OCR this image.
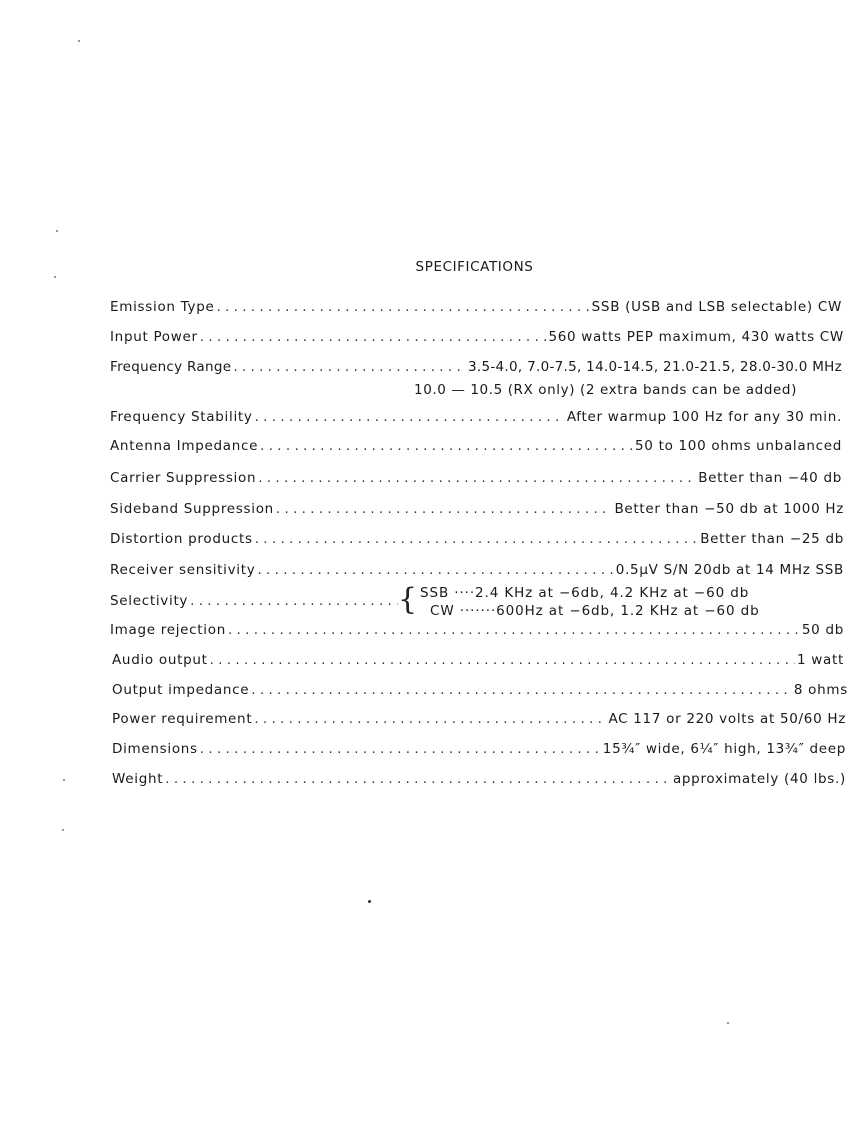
SPECIFICATIONS
Emission Type . . .	SSB (USB and LSB selectable) CW
Input Power . . .	560 watts PEP maximum, 430 watts CW
Frequency Range . . .	3.5-4.0, 7.0-7.5, 14.0-14.5, 21.0-21.5, 28.0-30.0 MHz
10.0 — 10.5 (RX only) (2 extra bands can be added)
Frequency Stability . . .	After warmup 100 Hz for any 30 min.
Antenna Impedance . . .	50 to 100 ohms unbalanced
Carrier Suppression . . .	Better than −40 db
Sideband Suppression . . .	Better than −50 db at 1000 Hz
Distortion products . . .	Better than −25 db
Receiver sensitivity . . .	0.5μV S/N 20db at 14 MHz SSB
Selectivity . . .	{ SSB ····2.4 KHz at −6db, 4.2 KHz at −60 db
CW ·······600Hz at −6db, 1.2 KHz at −60 db
Image rejection . . .	50 db
Audio output . . .	1 watt
Output impedance . . .	8 ohms
Power requirement . . .	AC 117 or 220 volts at 50/60 Hz
Dimensions . . .	15¾″ wide, 6¼″ high, 13¾″ deep
Weight . . .	approximately (40 lbs.)
